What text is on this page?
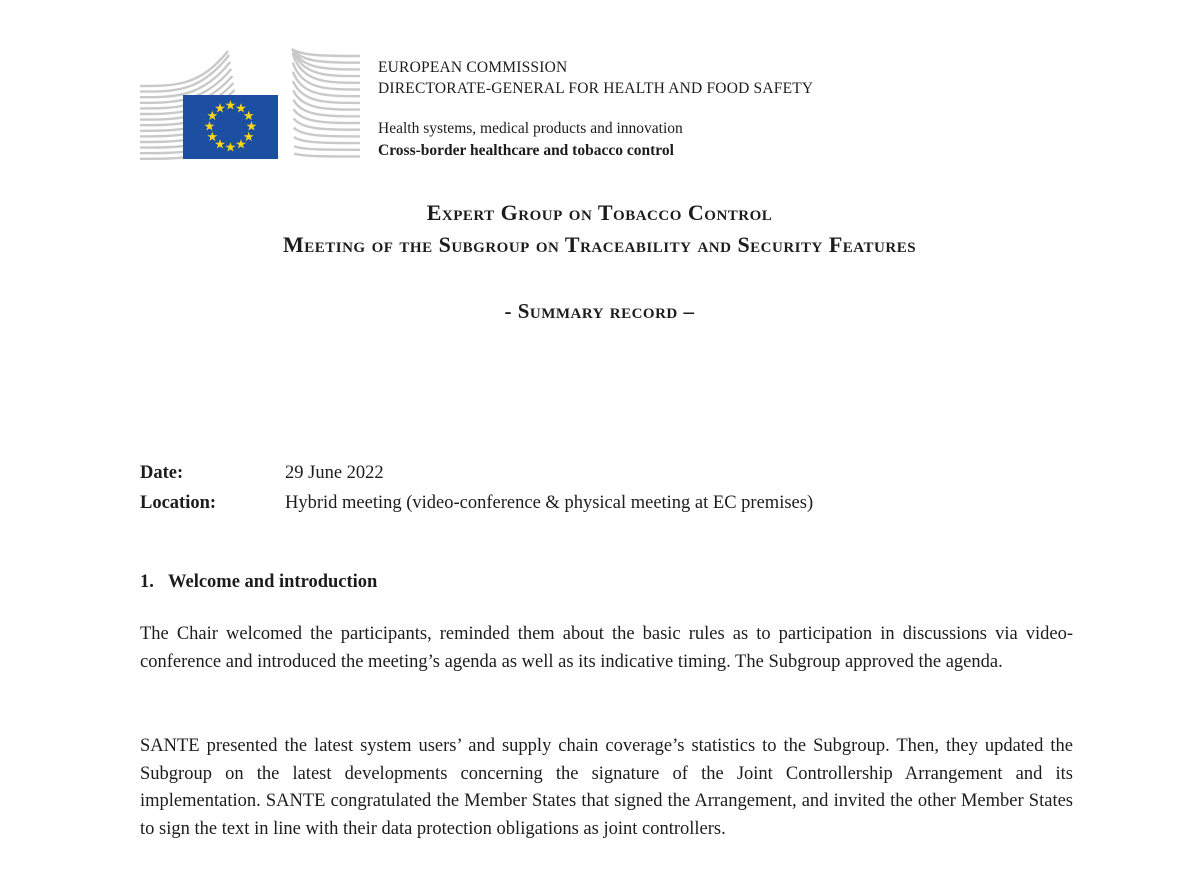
★
★
★
★
★
★
★
★
★
★
★
★
EUROPEAN COMMISSION
DIRECTORATE-GENERAL FOR HEALTH AND FOOD SAFETY
Health systems, medical products and innovation
Cross-border healthcare and tobacco control
Expert Group on Tobacco Control
Meeting of the Subgroup on Traceability and Security Features
- Summary record –
Date:	29 June 2022
Location:	Hybrid meeting (video-conference & physical meeting at EC premises)
1. Welcome and introduction

The Chair welcomed the participants, reminded them about the basic rules as to participation in discussions via video-conference and introduced the meeting’s agenda as well as its indicative timing. The Subgroup approved the agenda.

SANTE presented the latest system users’ and supply chain coverage’s statistics to the Subgroup. Then, they updated the Subgroup on the latest developments concerning the signature of the Joint Controllership Arrangement and its implementation. SANTE congratulated the Member States that signed the Arrangement, and invited the other Member States to sign the text in line with their data protection obligations as joint controllers.
